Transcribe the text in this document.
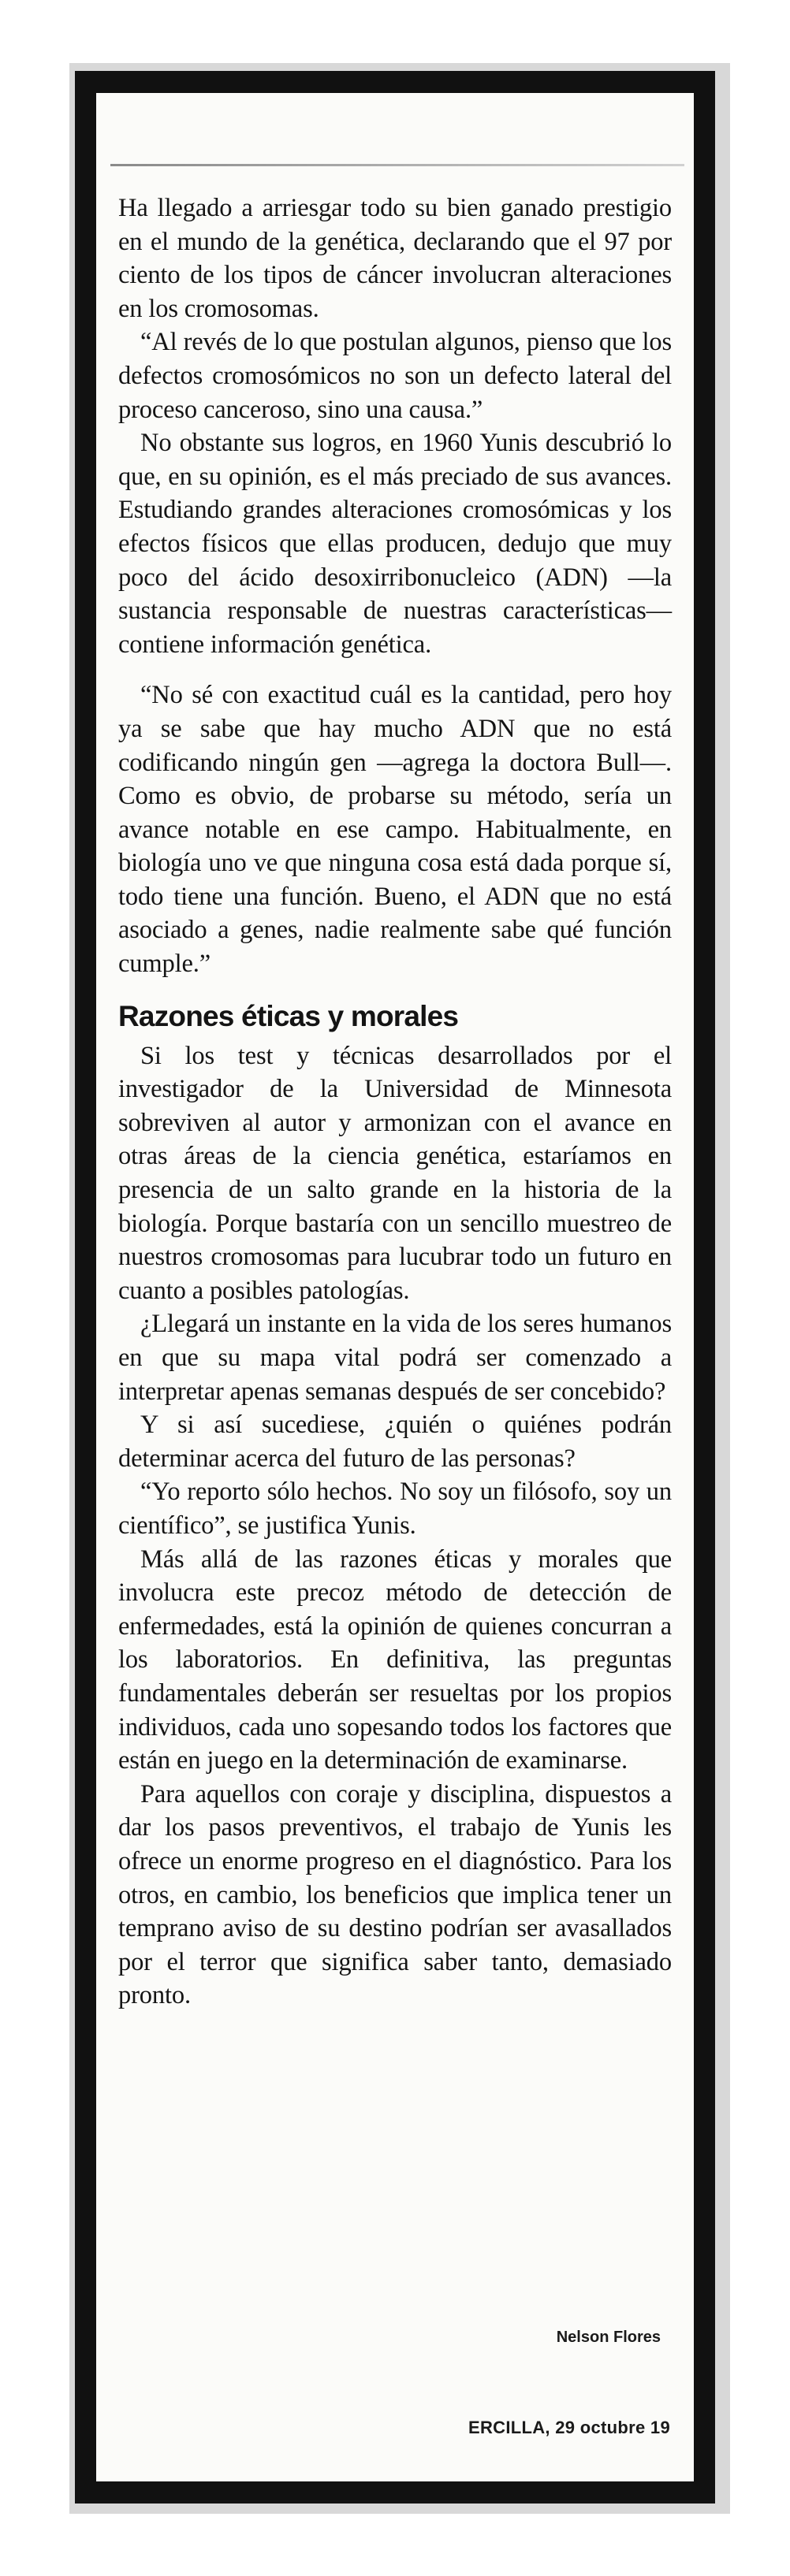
Ha llegado a arriesgar todo su bien ganado prestigio en el mundo de la genética, declarando que el 97 por ciento de los tipos de cáncer involucran alteraciones en los cromosomas.

“Al revés de lo que postulan algunos, pienso que los defectos cromosómicos no son un defecto lateral del proceso canceroso, sino una causa.”

No obstante sus logros, en 1960 Yunis descubrió lo que, en su opinión, es el más preciado de sus avances. Estudiando grandes alteraciones cromosómicas y los efectos físicos que ellas producen, dedujo que muy poco del ácido desoxirribonucleico (ADN) —la sustancia responsable de nuestras características— contiene información genética.

“No sé con exactitud cuál es la cantidad, pero hoy ya se sabe que hay mucho ADN que no está codificando ningún gen —agrega la doctora Bull—. Como es obvio, de probarse su método, sería un avance notable en ese campo. Habitualmente, en biología uno ve que ninguna cosa está dada porque sí, todo tiene una función. Bueno, el ADN que no está asociado a genes, nadie realmente sabe qué función cumple.”

Razones éticas y morales

Si los test y técnicas desarrollados por el investigador de la Universidad de Minnesota sobreviven al autor y armonizan con el avance en otras áreas de la ciencia genética, estaríamos en presencia de un salto grande en la historia de la biología. Porque bastaría con un sencillo muestreo de nuestros cromosomas para lucubrar todo un futuro en cuanto a posibles patologías.

¿Llegará un instante en la vida de los seres humanos en que su mapa vital podrá ser comenzado a interpretar apenas semanas después de ser concebido?

Y si así sucediese, ¿quién o quiénes podrán determinar acerca del futuro de las personas?

“Yo reporto sólo hechos. No soy un filósofo, soy un científico”, se justifica Yunis.

Más allá de las razones éticas y morales que involucra este precoz método de detección de enfermedades, está la opinión de quienes concurran a los laboratorios. En definitiva, las preguntas fundamentales deberán ser resueltas por los propios individuos, cada uno sopesando todos los factores que están en juego en la determinación de examinarse.

Para aquellos con coraje y disciplina, dispuestos a dar los pasos preventivos, el trabajo de Yunis les ofrece un enorme progreso en el diagnóstico. Para los otros, en cambio, los beneficios que implica tener un temprano aviso de su destino podrían ser avasallados por el terror que significa saber tanto, demasiado pronto.

Nelson Flores
ERCILLA, 29 octubre 19
